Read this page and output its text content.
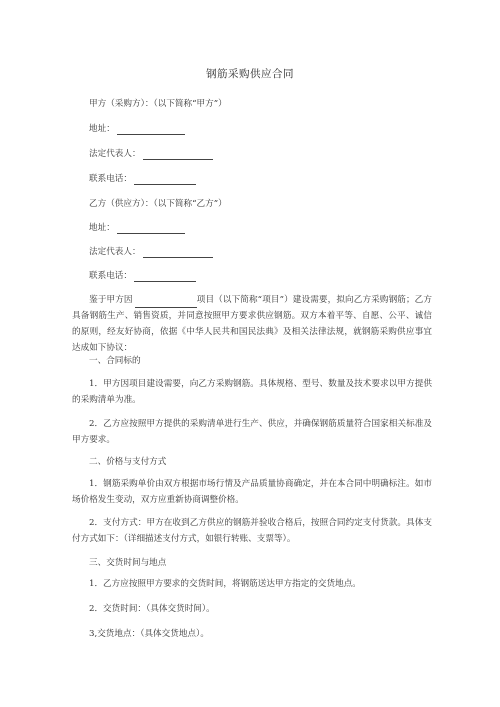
钢筋采购供应合同
甲方（采购方）：（以下简称“甲方”）
地址：
法定代表人：
联系电话：
乙方（供应方）：（以下简称“乙方”）
地址：
法定代表人：
联系电话：
鉴于甲方因	项目（以下简称“项目”）建设需要，拟向乙方采购钢筋；乙方具备钢筋生产、销售资质，并同意按照甲方要求供应钢筋。双方本着平等、自愿、公平、诚信的原则，经友好协商，依据《中华人民共和国民法典》及相关法律法规，就钢筋采购供应事宜达成如下协议：
一、合同标的
1．甲方因项目建设需要，向乙方采购钢筋。具体规格、型号、数量及技术要求以甲方提供的采购清单为准。
2．乙方应按照甲方提供的采购清单进行生产、供应，并确保钢筋质量符合国家相关标准及甲方要求。
二、价格与支付方式
1．钢筋采购单价由双方根据市场行情及产品质量协商确定，并在本合同中明确标注。如市场价格发生变动，双方应重新协商调整价格。
2．支付方式：甲方在收到乙方供应的钢筋并验收合格后，按照合同约定支付货款。具体支付方式如下：（详细描述支付方式，如银行转账、支票等）。
三、交货时间与地点
1．乙方应按照甲方要求的交货时间，将钢筋送达甲方指定的交货地点。
2．交货时间：（具体交货时间）。
3,交货地点：（具体交货地点）。
